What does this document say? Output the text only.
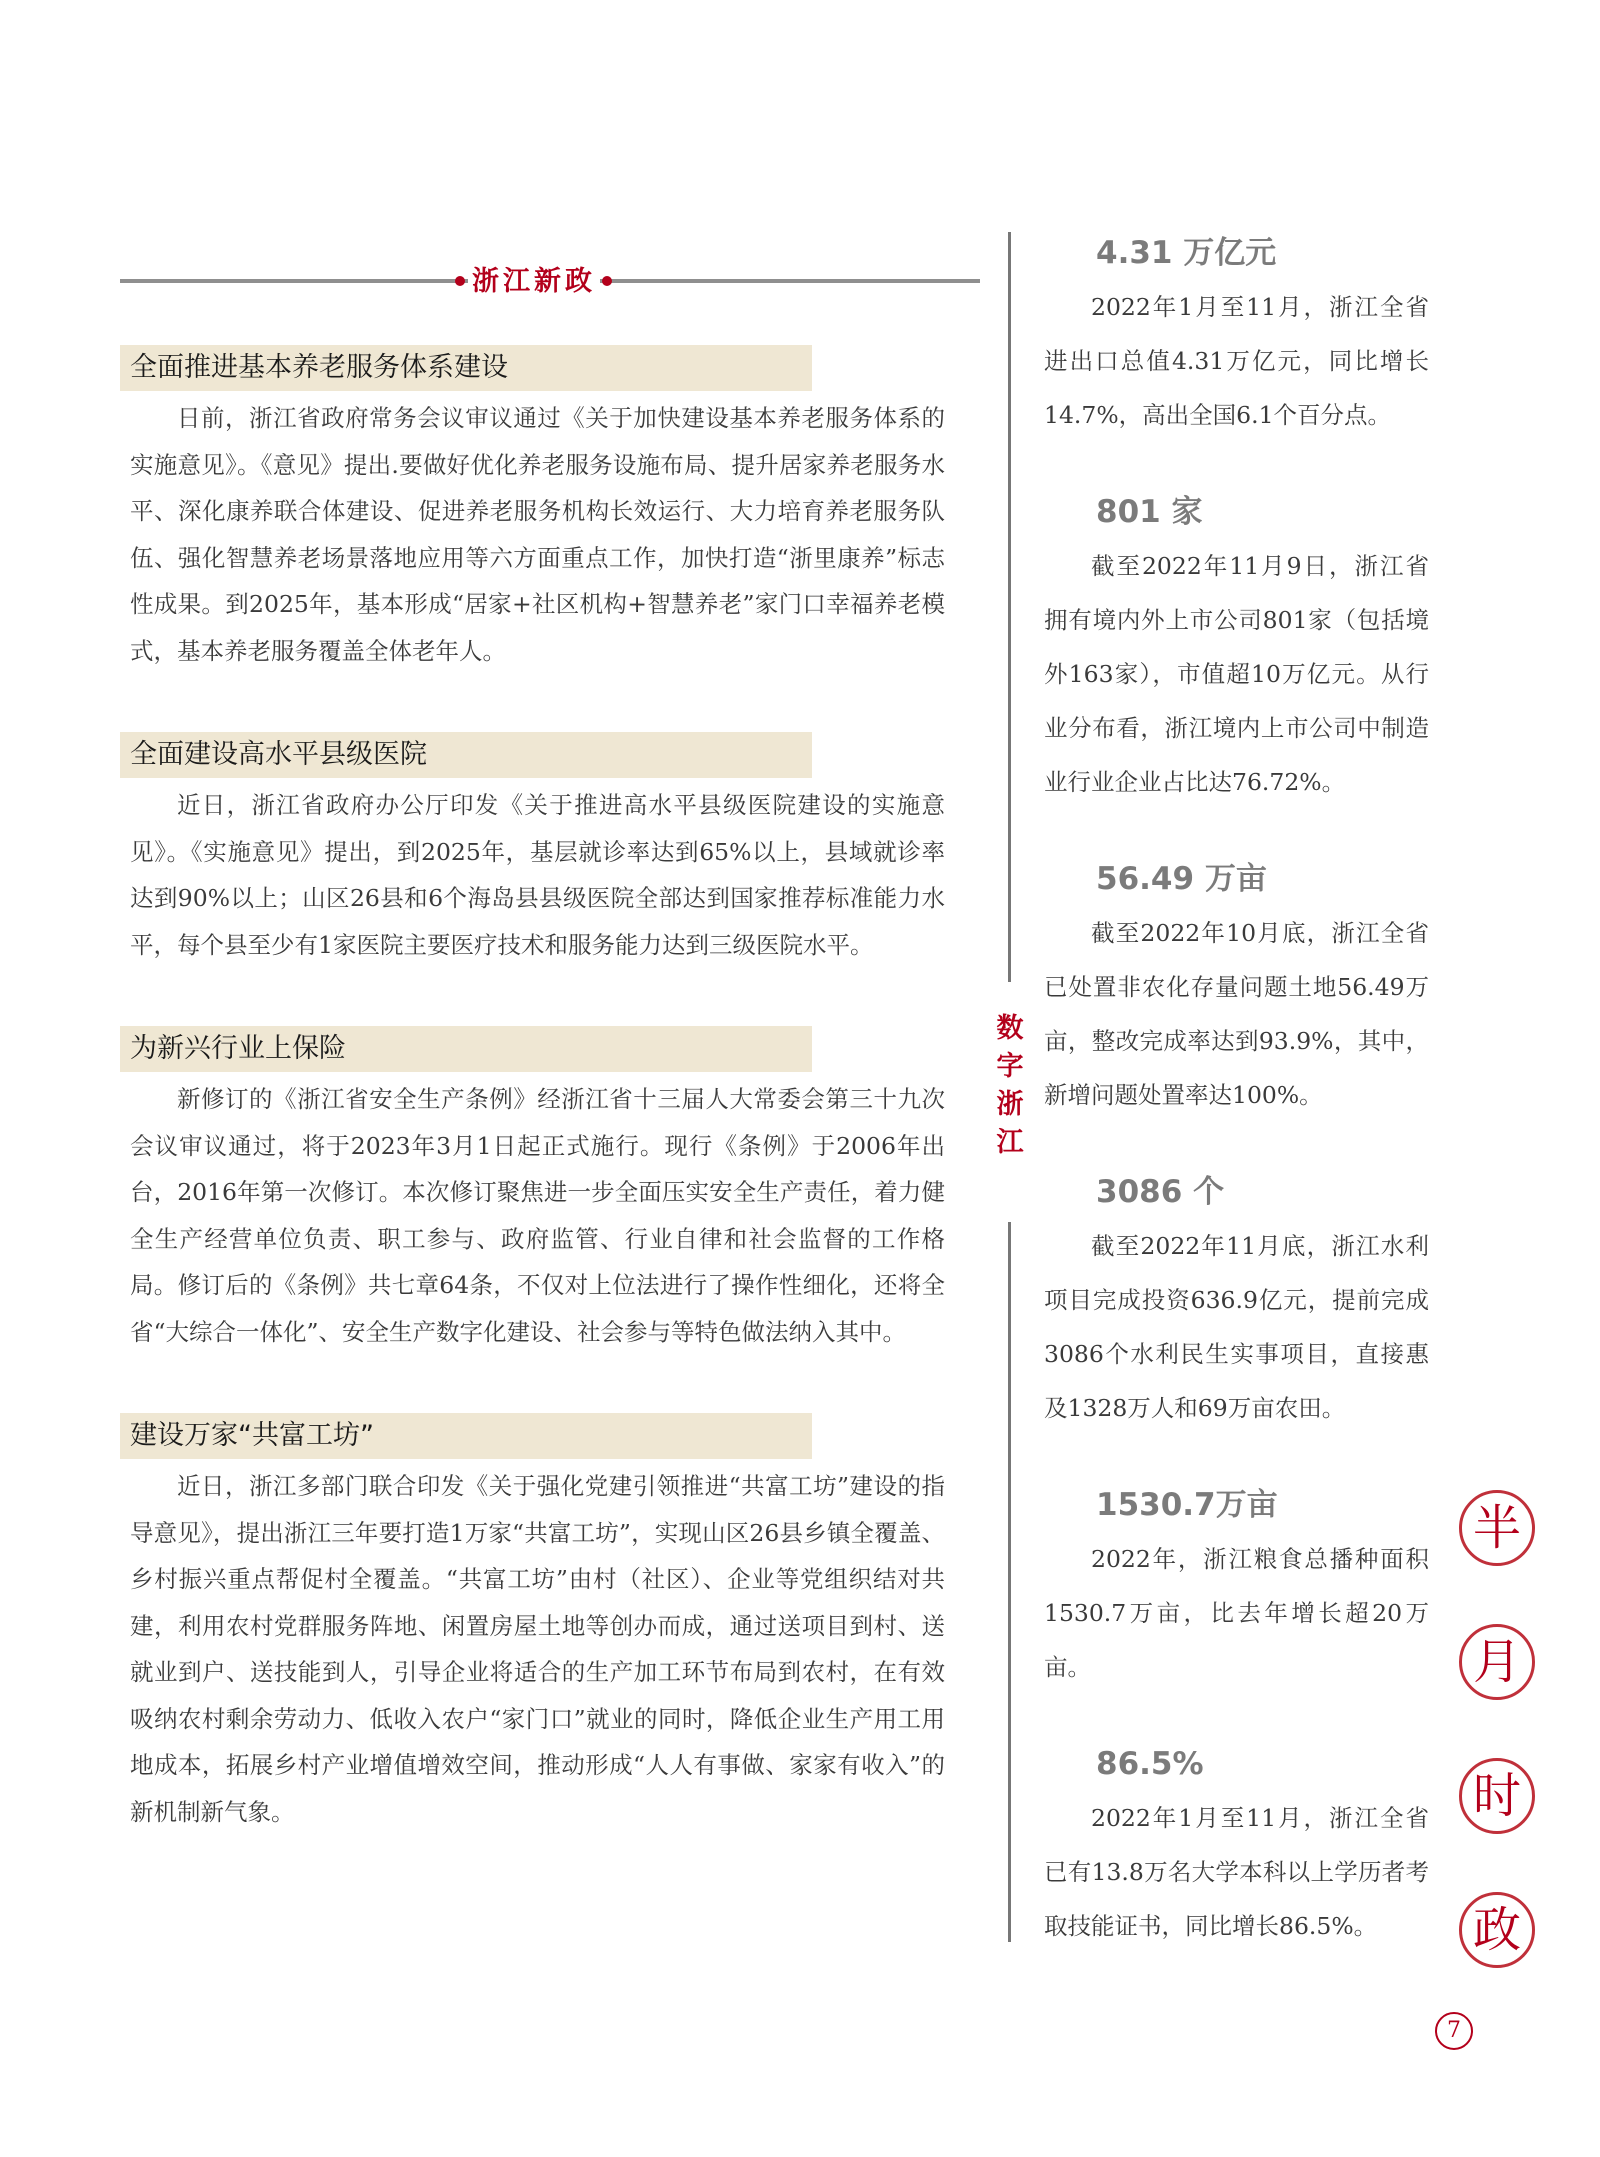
浙江新政
全面推进基本养老服务体系建设

日前，浙江省政府常务会议审议通过《关于加快建设基本养老服务体系的实施意见》。《意见》提出.要做好优化养老服务设施布局、提升居家养老服务水平、深化康养联合体建设、促进养老服务机构长效运行、大力培育养老服务队伍、强化智慧养老场景落地应用等六方面重点工作，加快打造“浙里康养”标志性成果。到2025年，基本形成“居家+社区机构+智慧养老”家门口幸福养老模式，基本养老服务覆盖全体老年人。

全面建设高水平县级医院

近日，浙江省政府办公厅印发《关于推进高水平县级医院建设的实施意见》。《实施意见》提出，到2025年，基层就诊率达到65%以上，县域就诊率达到90%以上；山区26县和6个海岛县县级医院全部达到国家推荐标准能力水平，每个县至少有1家医院主要医疗技术和服务能力达到三级医院水平。

为新兴行业上保险

新修订的《浙江省安全生产条例》经浙江省十三届人大常委会第三十九次会议审议通过，将于2023年3月1日起正式施行。现行《条例》于2006年出台，2016年第一次修订。本次修订聚焦进一步全面压实安全生产责任，着力健全生产经营单位负责、职工参与、政府监管、行业自律和社会监督的工作格局。修订后的《条例》共七章64条，不仅对上位法进行了操作性细化，还将全省“大综合一体化”、安全生产数字化建设、社会参与等特色做法纳入其中。

建设万家“共富工坊”

近日，浙江多部门联合印发《关于强化党建引领推进“共富工坊”建设的指导意见》，提出浙江三年要打造1万家“共富工坊”，实现山区26县乡镇全覆盖、乡村振兴重点帮促村全覆盖。“共富工坊”由村（社区）、企业等党组织结对共建，利用农村党群服务阵地、闲置房屋土地等创办而成，通过送项目到村、送就业到户、送技能到人，引导企业将适合的生产加工环节布局到农村，在有效吸纳农村剩余劳动力、低收入农户“家门口”就业的同时，降低企业生产用工用地成本，拓展乡村产业增值增效空间，推动形成“人人有事做、家家有收入”的新机制新气象。

数
字
浙
江
4.31 万亿元

2022年1月至11月，浙江全省进出口总值4.31万亿元，同比增长14.7%，高出全国6.1个百分点。

801 家

截至2022年11月9日，浙江省拥有境内外上市公司801家（包括境外163家），市值超10万亿元。从行业分布看，浙江境内上市公司中制造业行业企业占比达76.72%。

56.49 万亩

截至2022年10月底，浙江全省已处置非农化存量问题土地56.49万亩，整改完成率达到93.9%，其中，新增问题处置率达100%。

3086 个

截至2022年11月底，浙江水利项目完成投资636.9亿元，提前完成3086个水利民生实事项目，直接惠及1328万人和69万亩农田。

1530.7万亩

2022年，浙江粮食总播种面积1530.7万亩，比去年增长超20万亩。

86.5%

2022年1月至11月，浙江全省已有13.8万名大学本科以上学历者考取技能证书，同比增长86.5%。

半
月
时
政
7
